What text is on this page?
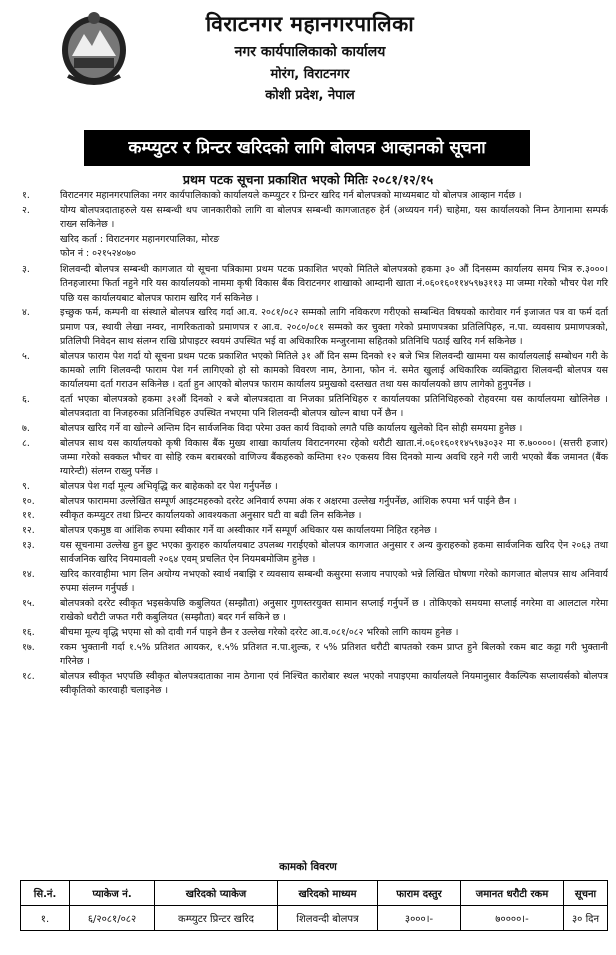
विराटनगर महानगरपालिका
नगर कार्यपालिकाको कार्यालय
मोरंग, विराटनगर
कोशी प्रदेश, नेपाल
कम्प्युटर र प्रिन्टर खरिदको लागि बोलपत्र आव्हानको सूचना
प्रथम पटक सूचना प्रकाशित भएको मितिः २०८१/१२/१५
१.	विराटनगर महानगरपालिका नगर कार्यपालिकाको कार्यालयले कम्प्युटर र प्रिन्टर खरिद गर्न बोलपत्रको माध्यमबाट यो बोलपत्र आव्हान गर्दछ ।
२.	योग्य बोलपत्रदाताहरुले यस सम्बन्धी थप जानकारीको लागि वा बोलपत्र सम्बन्धी कागजातहरु हेर्न (अध्ययन गर्न) चाहेमा, यस कार्यालयको निम्न ठेगानामा सम्पर्क राख्न सकिनेछ ।
खरिद कर्ता : विराटनगर महानगरपालिका, मोरङ
फोन नं : ०२१५२४०७०
३.	शिलवन्दी बोलपत्र सम्बन्धी कागजात यो सूचना पत्रिकामा प्रथम पटक प्रकाशित भएको मितिले बोलपत्रको हकमा ३० औं दिनसम्म कार्यालय समय भित्र रु.३०००। तिनहजारमा फिर्ता नहुने गरि यस कार्यालयको नाममा कृषी विकास बैंक विराटनगर शाखाको आम्दानी खाता नं.०६०१६०११४५९७३११३ मा जम्मा गरेको भौचर पेश गरि पछि यस कार्यालयबाट बोलपत्र फाराम खरिद गर्न सकिनेछ ।
४.	इच्छुक फर्म, कम्पनी वा संस्थाले बोलपत्र खरिद गर्दा आ.व. २०८१/०८२ सम्मको लागि नविकरण गरीएको सम्बन्धित विषयको कारोवार गर्न इजाजत पत्र वा फर्म दर्ता प्रमाण पत्र, स्थायी लेखा नम्वर, नागरिकताको प्रमाणपत्र र आ.व. २०८०/०८१ सम्मको कर चुक्ता गरेको प्रमाणपत्रका प्रतिलिपिहरु, न.पा. व्यवसाय प्रमाणपत्रको, प्रतिलिपी निवेदन साथ संलग्न राखि प्रोपाइटर स्वयमं उपस्थित भई वा अधिकारिक मन्जुरनामा सहितको प्रतिनिधि पठाई खरिद गर्न सकिनेछ ।
५.	बोलपत्र फाराम पेश गर्दा यो सूचना प्रथम पटक प्रकाशित भएको मितिले ३१ औं दिन सम्म दिनको १२ बजे भित्र शिलवन्दी खाममा यस कार्यालयलाई सम्बोधन गरी के कामको लागि शिलवन्दी फाराम पेश गर्न लागिएको हो सो कामको विवरण नाम, ठेगाना, फोन नं. समेत खुलाई अधिकारिक व्यक्तिद्वारा शिलवन्दी बोलपत्र यस कार्यालयमा दर्ता गराउन सकिनेछ । दर्ता हुन आएको बोलपत्र फाराम कार्यालय प्रमुखको दस्तखत तथा यस कार्यालयको छाप लागेको हुनुपर्नेछ ।
६.	दर्ता भएका बोलपत्रको हकमा ३१औं दिनको २ बजे बोलपत्रदाता वा निजका प्रतिनिधिहरु र कार्यालयका प्रतिनिधिहरुको रोहवरमा यस कार्यालयमा खोलिनेछ । बोलपत्रदाता वा निजहरुका प्रतिनिधिहरु उपस्थित नभएमा पनि शिलवन्दी बोलपत्र खोल्न बाधा पर्ने छैन ।
७.	बोलपत्र खरिद गर्ने वा खोल्ने अन्तिम दिन सार्वजनिक विदा परेमा उक्त कार्य विदाको लगतै पछि कार्यालय खुलेको दिन सोही समयमा हुनेछ ।
८.	बोलपत्र साथ यस कार्यालयको कृषी विकास बैंक मुख्य शाखा कार्यालय विराटनगरमा रहेको धरौटी खाता.नं.०६०१६०११४५९७३०३२ मा रु.७००००। (सत्तरी हजार) जम्मा गरेको सक्कल भौचर वा सोहि रकम बराबरको वाणिज्य बैंकहरुको कम्तिमा १२० एकसय विस दिनको मान्य अवधि रहने गरी जारी भएको बैंक जमानत (बैंक ग्यारेन्टी) संलग्न राख्नु पर्नेछ ।
९.	बोलपत्र पेश गर्दा मूल्य अभिवृद्धि कर बाहेकको दर पेश गर्नुपर्नेछ ।
१०.	बोलपत्र फाराममा उल्लेखित सम्पूर्ण आइटमहरुको दररेट अनिवार्य रुपमा अंक र अक्षरमा उल्लेख गर्नुपर्नेछ, आंशिक रुपमा भर्न पाईने छैन ।
११.	स्वीकृत कम्प्युटर तथा प्रिन्टर कार्यालयको आवश्यकता अनुसार घटी वा बढी लिन सकिनेछ ।
१२.	बोलपत्र एकमुष्ठ वा आंशिक रुपमा स्वीकार गर्ने वा अस्वीकार गर्ने सम्पूर्ण अधिकार यस कार्यालयमा निहित रहनेछ ।
१३.	यस सूचनामा उल्लेख हुन छुट भएका कुराहरु कार्यालयबाट उपलब्ध गराईएको बोलपत्र कागजात अनुसार र अन्य कुराहरुको हकमा सार्वजनिक खरिद ऐन २०६३ तथा सार्वजनिक खरिद नियमावली २०६४ एवम् प्रचलित ऐन नियमबमोजिम हुनेछ ।
१४.	खरिद कारवाहीमा भाग लिन अयोग्य नभएको स्वार्थ नबाझि र व्यवसाय सम्बन्धी कसुरमा सजाय नपाएको भन्ने लिखित घोषणा गरेको कागजात बोलपत्र साथ अनिवार्य रुपमा संलग्न गर्नुपर्छ ।
१५.	बोलपत्रको दररेट स्वीकृत भइसकेपछि कबुलियत (सम्झौता) अनुसार गुणस्तरयुक्त सामान सप्लाई गर्नुपर्ने छ । तोकिएको समयमा सप्लाई नगरेमा वा आलटाल गरेमा राखेको धरौटी जफत गरी कबुलियत (सम्झौता) बदर गर्न सकिने छ ।
१६.	बीचमा मूल्य वृद्धि भएमा सो को दावी गर्न पाइने छैन र उल्लेख गरेको दररेट आ.व.०८१/०८२ भरिको लागि कायम हुनेछ ।
१७.	रकम भुक्तानी गर्दा १.५% प्रतिशत आयकर, १.५% प्रतिशत न.पा.शुल्क, र ५% प्रतिशत धरौटी बापतको रकम प्राप्त हुने बिलको रकम बाट कट्टा गरी भुक्तानी गरिनेछ ।
१८.	बोलपत्र स्वीकृत भएपछि स्वीकृत बोलपत्रदाताका नाम ठेगाना एवं निश्चित कारोबार स्थल भएको नपाइएमा कार्यालयले नियमानुसार वैकल्पिक सप्लायर्सको बोलपत्र स्वीकृतिको कारवाही चलाइनेछ ।
कामको विवरण
सि.नं.	प्याकेज नं.	खरिदको प्याकेज	खरिदको माध्यम	फाराम दस्तुर	जमानत धरौटी रकम	सूचना
१.	६/२०८१/०८२	कम्प्युटर प्रिन्टर खरिद	शिलवन्दी बोलपत्र	३०००।-	७००००।-	३० दिन
